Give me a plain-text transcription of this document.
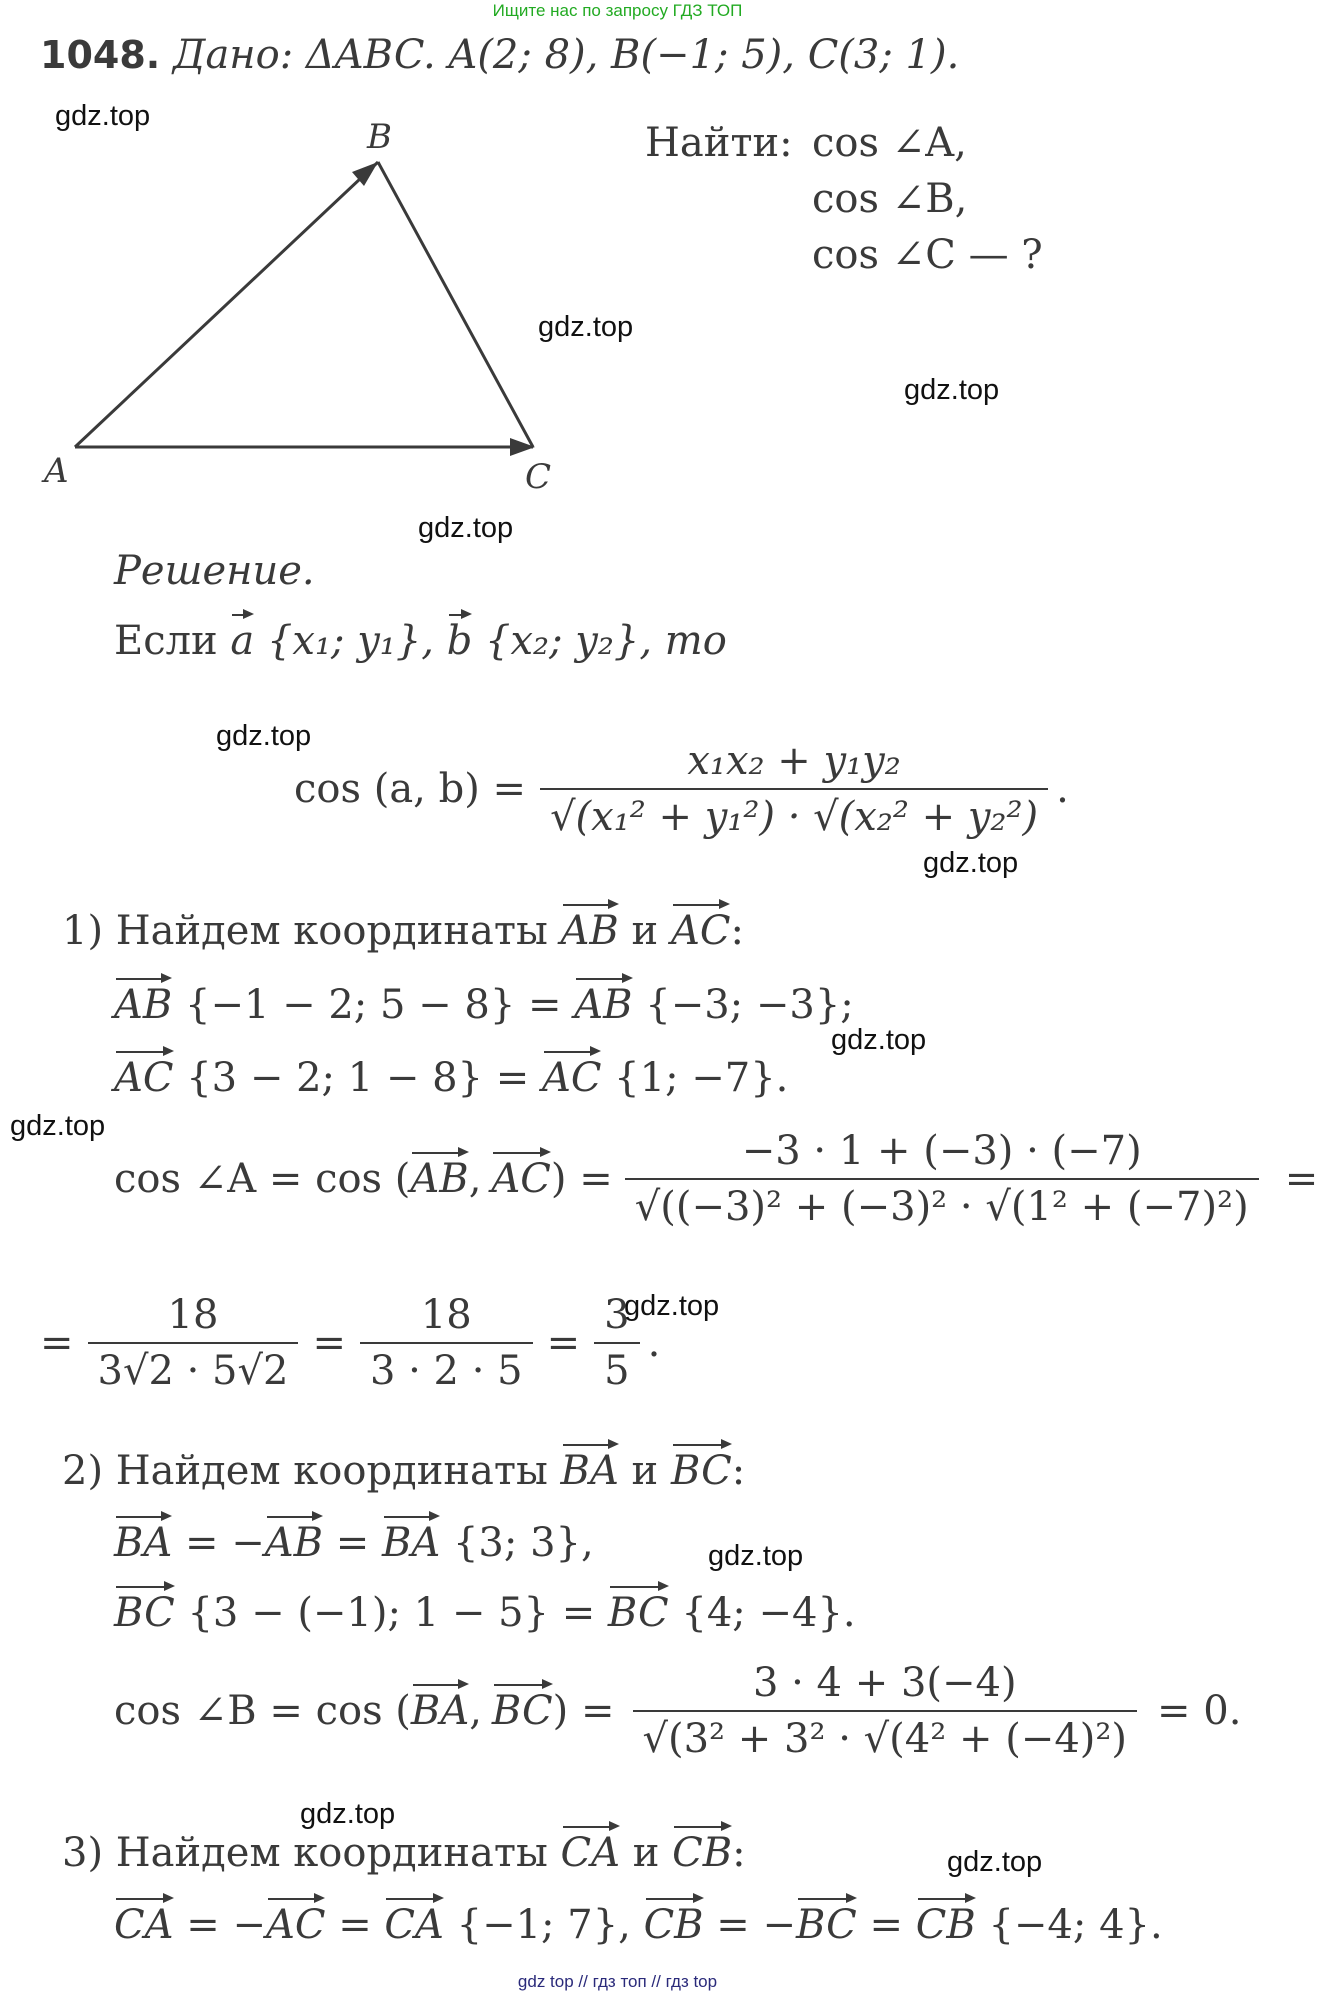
Ищите нас по запросу ГДЗ ТОП
1048. Дано: ΔABC. A(2; 8), B(−1; 5), C(3; 1).
Найти: cos ∠A,
cos ∠B,
cos ∠C — ?
A
B
C
Решение.
Если a {x₁; y₁}, b {x₂; y₂}, то
cos (a, $b) = \frac{\text{x₁x₂ + y₁y₂}}{\text{√(x₁² + y₁²) · √(x₂² + y₂²)}}$ .
1) Найдем координаты AB и AC:
AB {−1 − 2; 5 − 8} = AB {−3; −3};
AC {3 − 2; 1 − 8} = AC {1; −7}.
cos ∠A = cos ( AB , AC ) = $\frac{-3 \cdot 1 + (-3) \cdot (-7)}{\text{√((−3)² + (−3)² · √(1² + (−7)²)}}$ =
= $\frac{18}{3√2 \cdot 5√2} = \frac{18}{3 \cdot 2 \cdot 5} = \frac{3}{5}$ .
2) Найдем координаты BA и BC:
BA = −AB = BA {3; 3},
BC {3 − (−1); 1 − 5} = BC {4; −4}.
cos ∠B = cos ( BA , BC ) = $\frac{3 \cdot 4 + 3(-4)}{\text{√(3² + 3² · √(4² + (−4)²)}} = 0$.
3) Найдем координаты CA и CB:
CA = −AC = CA {−1; 7}, CB = −BC = CB {−4; 4}.
gdz.top
gdz.top
gdz.top
gdz.top
gdz.top
gdz.top
gdz.top
gdz.top
gdz.top
gdz.top
gdz.top
gdz.top
gdz top // гдз топ // гдз top
